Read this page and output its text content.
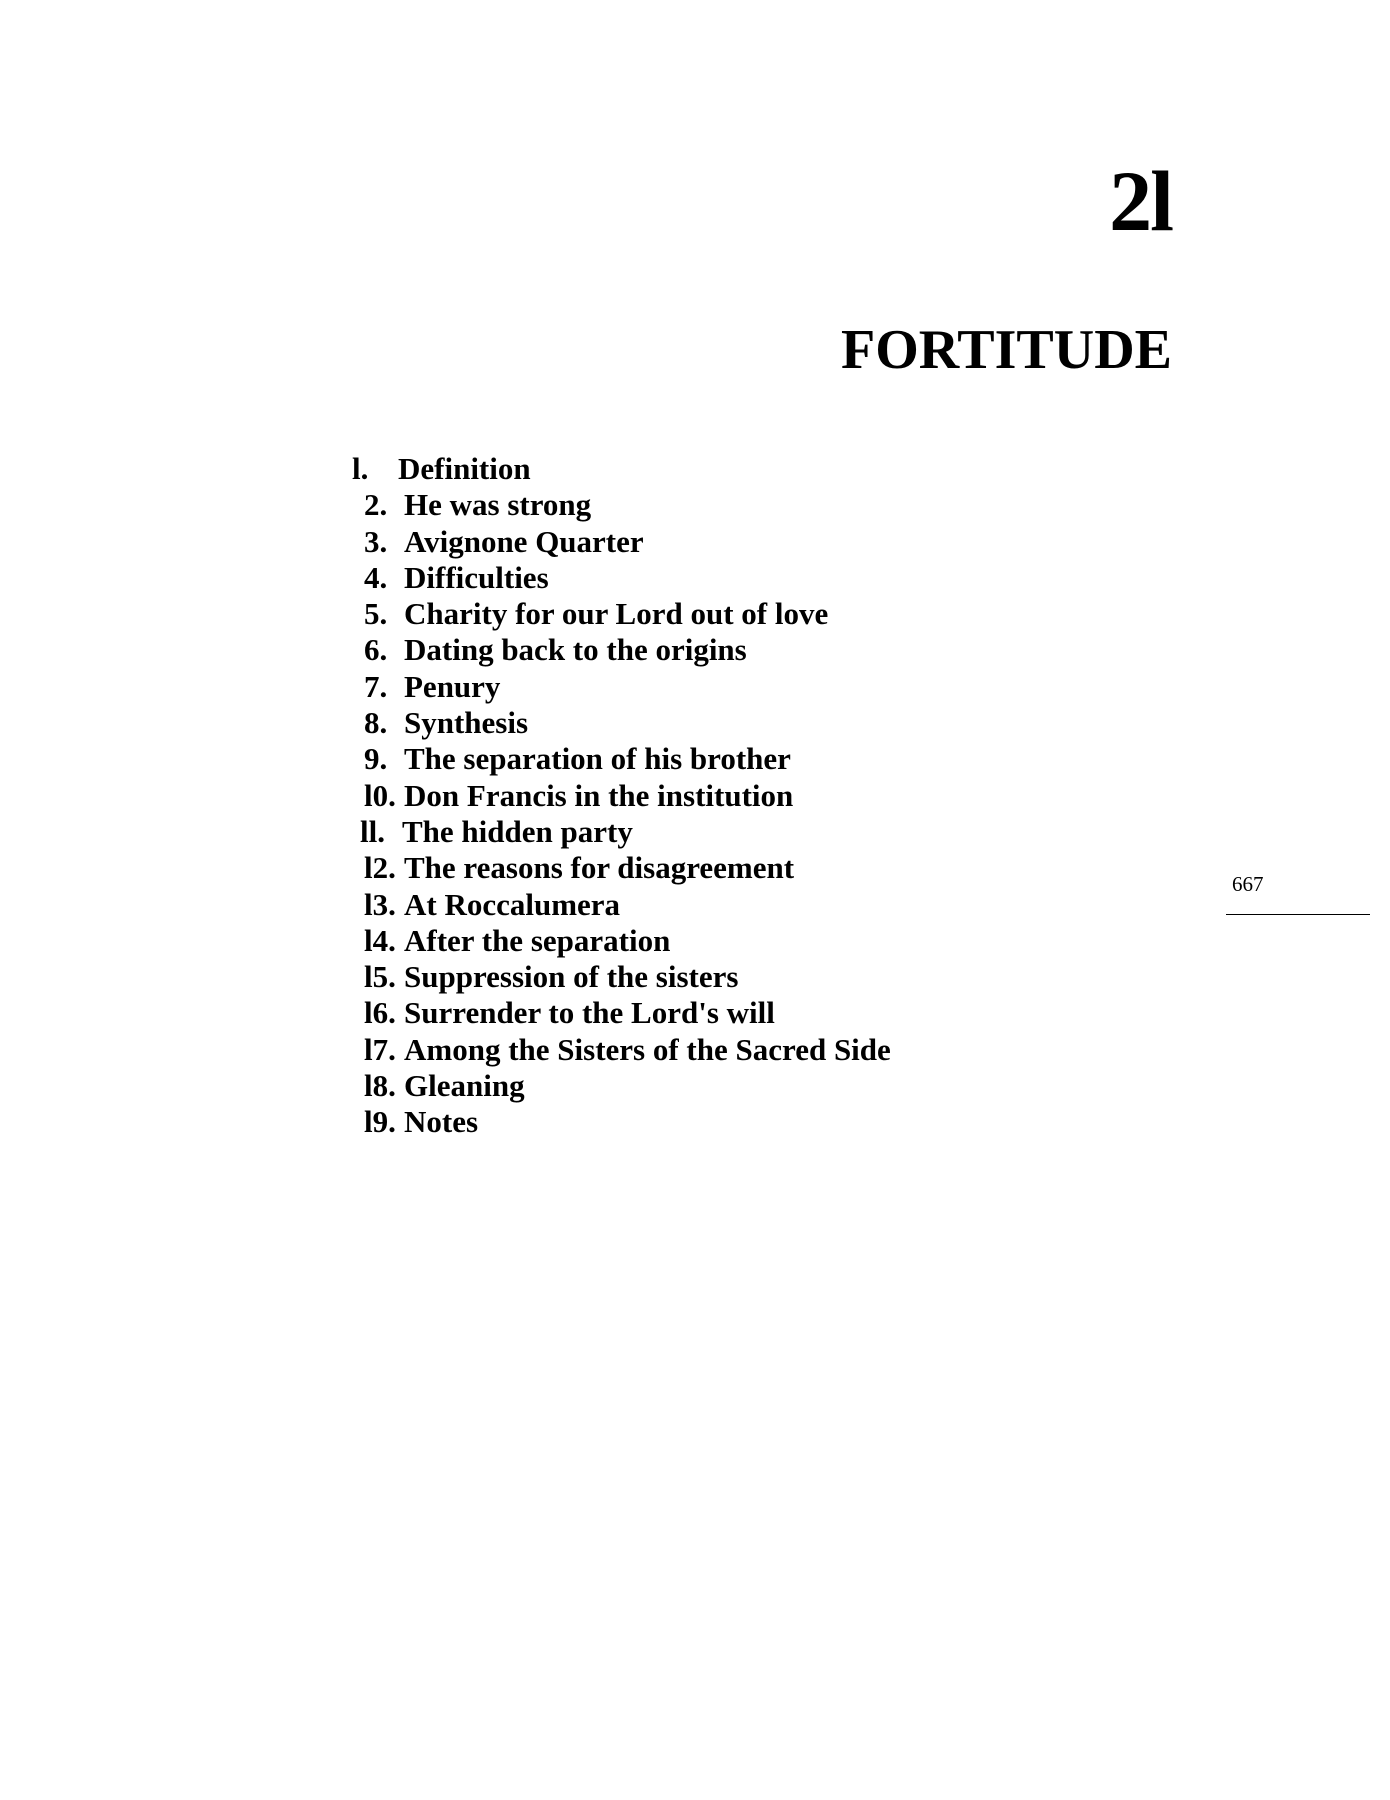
2l
FORTITUDE
l. Definition
2. He was strong
3. Avignone Quarter
4. Difficulties
5. Charity for our Lord out of love
6. Dating back to the origins
7. Penury
8. Synthesis
9. The separation of his brother
l0. Don Francis in the institution
ll. The hidden party
l2. The reasons for disagreement
l3. At Roccalumera
l4. After the separation
l5. Suppression of the sisters
l6. Surrender to the Lord's will
l7. Among the Sisters of the Sacred Side
l8. Gleaning
l9. Notes
667
